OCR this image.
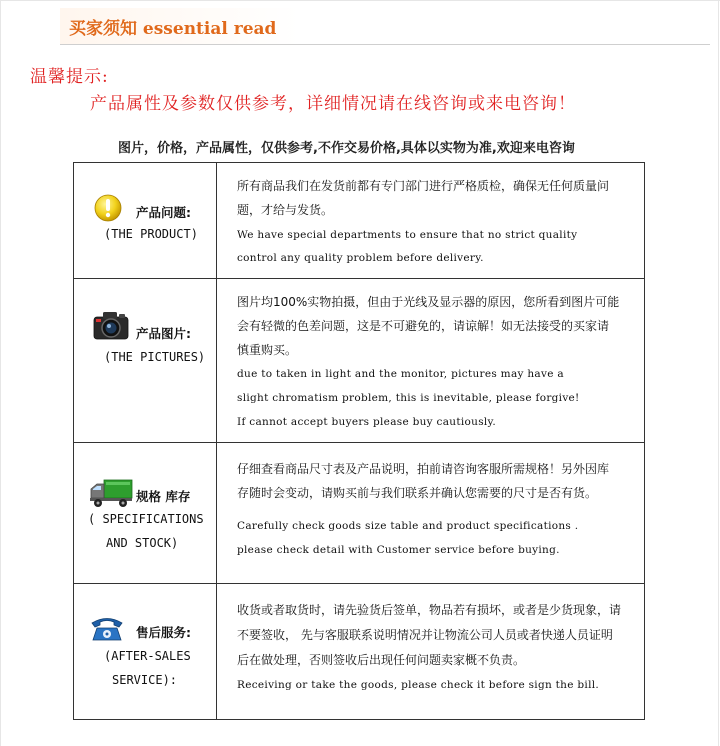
买家须知 essential read
温馨提示:
产品属性及参数仅供参考，详细情况请在线咨询或来电咨询！
图片，价格，产品属性，仅供参考,不作交易价格,具体以实物为准,欢迎来电咨询
产品问题:
(THE PRODUCT)
所有商品我们在发货前都有专门部门进行严格质检，确保无任何质量问
题，才给与发货。
We have special departments to ensure that no strict quality
control any quality problem before delivery.
产品图片:
(THE PICTURES)
图片均100%实物拍摄，但由于光线及显示器的原因，您所看到图片可能
会有轻微的色差问题，这是不可避免的，请谅解！如无法接受的买家请
慎重购买。
due to taken in light and the monitor, pictures may have a
slight chromatism problem, this is inevitable, please forgive!
If cannot accept buyers please buy cautiously.
规格 库存
( SPECIFICATIONS
AND STOCK)
仔细查看商品尺寸表及产品说明，拍前请咨询客服所需规格！另外因库
存随时会变动，请购买前与我们联系并确认您需要的尺寸是否有货。
Carefully check goods size table and product specifications .
please check detail with Customer service before buying.
售后服务:
(AFTER-SALES
SERVICE):
收货或者取货时，请先验货后签单，物品若有损坏，或者是少货现象，请
不要签收， 先与客服联系说明情况并让物流公司人员或者快递人员证明
后在做处理，否则签收后出现任何问题卖家概不负责。
Receiving or take the goods, please check it before sign the bill.
